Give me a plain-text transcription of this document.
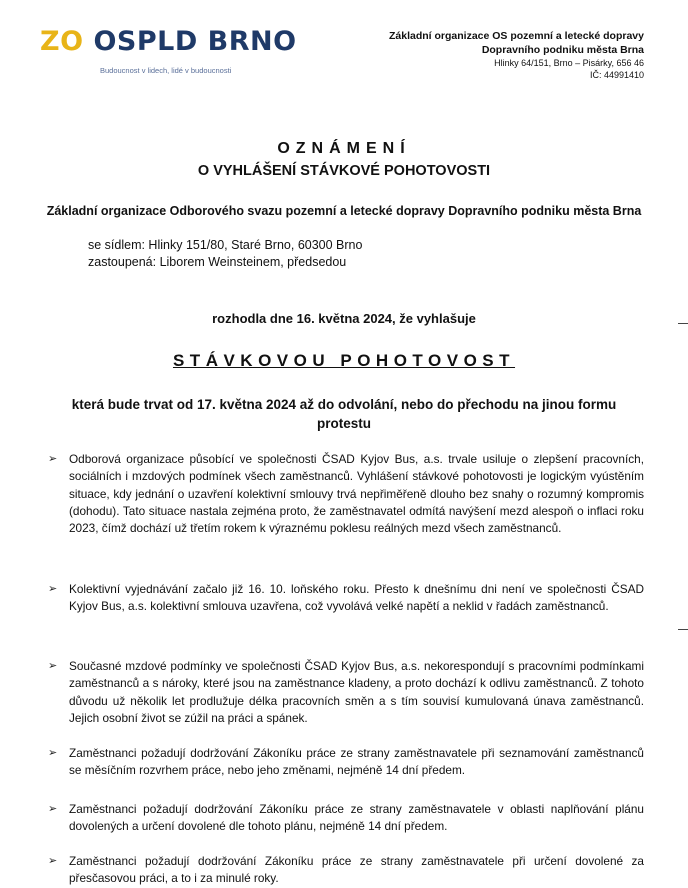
ZO OSPLD BRNO
Budoucnost v lidech, lidé v budoucnosti
Základní organizace OS pozemní a letecké dopravy
Dopravního podniku města Brna
Hlinky 64/151, Brno – Pisárky, 656 46
IČ: 44991410
OZNÁMENÍ
O VYHLÁŠENÍ STÁVKOVÉ POHOTOVOSTI
Základní organizace Odborového svazu pozemní a letecké dopravy Dopravního podniku města Brna
se sídlem: Hlinky 151/80, Staré Brno, 60300 Brno
zastoupená: Liborem Weinsteinem, předsedou
rozhodla dne 16. května 2024, že vyhlašuje
STÁVKOVOU POHOTOVOST
která bude trvat od 17. května 2024 až do odvolání, nebo do přechodu na jinou formu protestu
➢ Odborová organizace působící ve společnosti ČSAD Kyjov Bus, a.s. trvale usiluje o zlepšení pracovních, sociálních i mzdových podmínek všech zaměstnanců. Vyhlášení stávkové pohotovosti je logickým vyústěním situace, kdy jednání o uzavření kolektivní smlouvy trvá nepřiměřeně dlouho bez snahy o rozumný kompromis (dohodu). Tato situace nastala zejména proto, že zaměstnavatel odmítá navýšení mezd alespoň o inflaci roku 2023, čímž dochází už třetím rokem k výraznému poklesu reálných mezd všech zaměstnanců.
➢ Kolektivní vyjednávání začalo již 16. 10. loňského roku. Přesto k dnešnímu dni není ve společnosti ČSAD Kyjov Bus, a.s. kolektivní smlouva uzavřena, což vyvolává velké napětí a neklid v řadách zaměstnanců.
➢ Současné mzdové podmínky ve společnosti ČSAD Kyjov Bus, a.s. nekorespondují s pracovními podmínkami zaměstnanců a s nároky, které jsou na zaměstnance kladeny, a proto dochází k odlivu zaměstnanců. Z tohoto důvodu už několik let prodlužuje délka pracovních směn a s tím souvisí kumulovaná únava zaměstnanců. Jejich osobní život se zúžil na práci a spánek.
➢ Zaměstnanci požadují dodržování Zákoníku práce ze strany zaměstnavatele při seznamování zaměstnanců se měsíčním rozvrhem práce, nebo jeho změnami, nejméně 14 dní předem.
➢ Zaměstnanci požadují dodržování Zákoníku práce ze strany zaměstnavatele v oblasti naplňování plánu dovolených a určení dovolené dle tohoto plánu, nejméně 14 dní předem.
➢ Zaměstnanci požadují dodržování Zákoníku práce ze strany zaměstnavatele při určení dovolené za přesčasovou práci, a to i za minulé roky.
